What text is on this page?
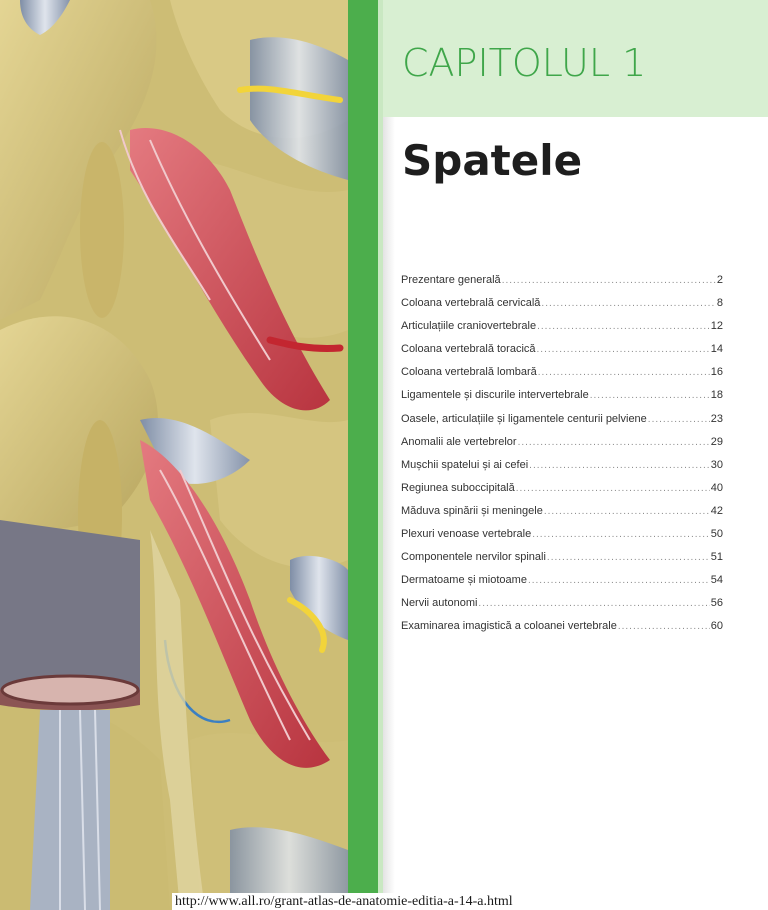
CAPITOLUL 1
Spatele
Prezentare generală .....	2
Coloana vertebrală cervicală .....	8
Articulațiile craniovertebrale .....	12
Coloana vertebrală toracică .....	14
Coloana vertebrală lombară .....	16
Ligamentele și discurile intervertebrale .....	18
Oasele, articulațiile și ligamentele centurii pelviene .....	23
Anomalii ale vertebrelor .....	29
Mușchii spatelui și ai cefei .....	30
Regiunea suboccipitală .....	40
Măduva spinării și meningele .....	42
Plexuri venoase vertebrale .....	50
Componentele nervilor spinali .....	51
Dermatoame și miotoame .....	54
Nervii autonomi .....	56
Examinarea imagistică a coloanei vertebrale .....	60
http://www.all.ro/grant-atlas-de-anatomie-editia-a-14-a.html
